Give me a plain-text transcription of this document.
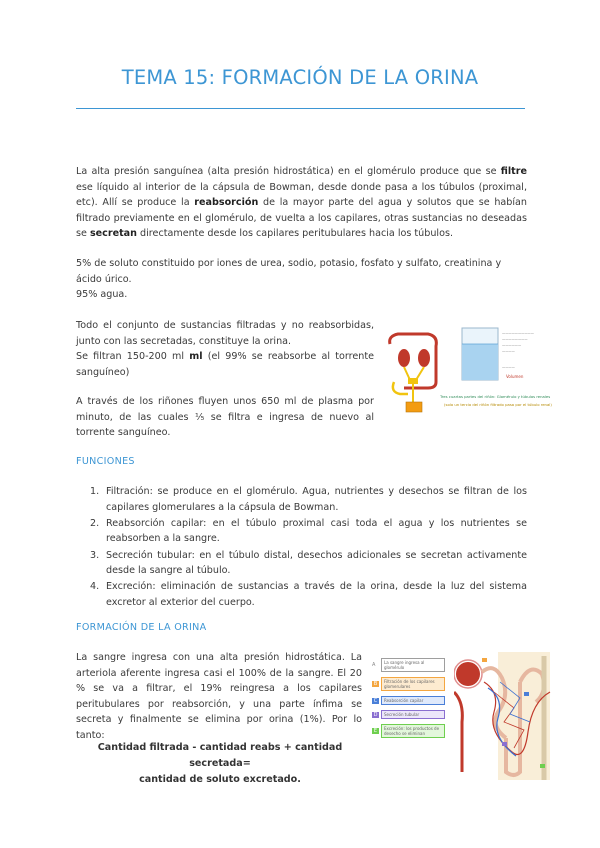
TEMA 15: FORMACIÓN DE LA ORINA
La alta presión sanguínea (alta presión hidrostática) en el glomérulo produce que se filtre ese líquido al interior de la cápsula de Bowman, desde donde pasa a los túbulos (proximal, etc). Allí se produce la reabsorción de la mayor parte del agua y solutos que se habían filtrado previamente en el glomérulo, de vuelta a los capilares, otras sustancias no deseadas se secretan directamente desde los capilares peritubulares hacia los túbulos.
5% de soluto constituido por iones de urea, sodio, potasio, fosfato y sulfato, creatinina y ácido úrico.
95% agua.
Todo el conjunto de sustancias filtradas y no reabsorbidas, junto con las secretadas, constituye la orina.
Se filtran 150-200 ml ml (el 99% se reabsorbe al torrente sanguíneo)
A través de los riñones fluyen unos 650 ml de plasma por minuto, de las cuales ⅕ se filtra e ingresa de nuevo al torrente sanguíneo.
——————————
————————
——————
————
————
Volumen
Tres cuartas partes del riñón: Glomérulo y túbulos renales
(solo un tercio del riñón filtrado pasa por el túbulo renal)
FUNCIONES
1. Filtración: se produce en el glomérulo. Agua, nutrientes y desechos se filtran de los capilares glomerulares a la cápsula de Bowman.
2. Reabsorción capilar: en el túbulo proximal casi toda el agua y los nutrientes se reabsorben a la sangre.
3. Secreción tubular: en el túbulo distal, desechos adicionales se secretan activamente desde la sangre al túbulo.
4. Excreción: eliminación de sustancias a través de la orina, desde la luz del sistema excretor al exterior del cuerpo.
FORMACIÓN DE LA ORINA
La sangre ingresa con una alta presión hidrostática. La arteriola aferente ingresa casi el 100% de la sangre. El 20 % se va a filtrar, el 19% reingresa a los capilares peritubulares por reabsorción, y una parte ínfima se secreta y finalmente se elimina por orina (1%). Por lo tanto:
Cantidad filtrada - cantidad reabs + cantidad secretada=
cantidad de soluto excretado.
A	La sangre ingresa al glomérulo
B	Filtración de los capilares glomerulares
C	Reabsorción capilar
D	Secreción tubular
E	Excreción: los productos de desecho se eliminan
